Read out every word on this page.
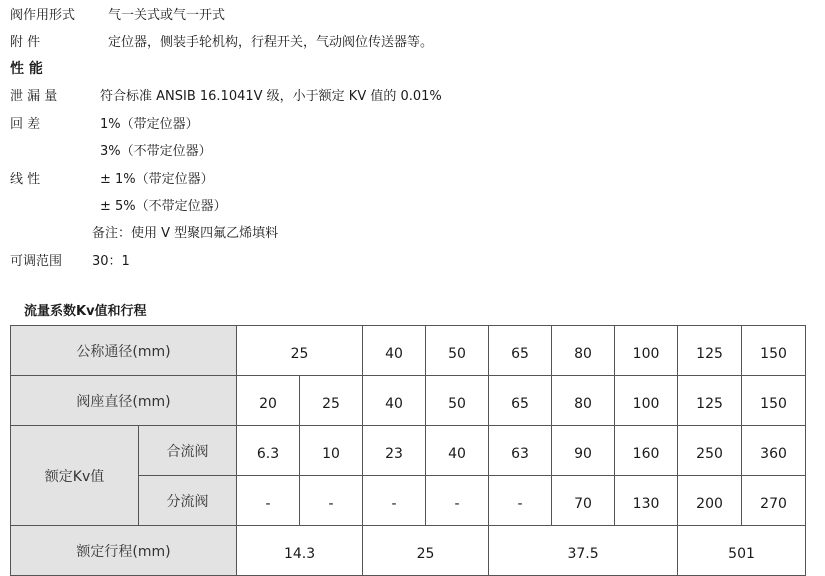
阀作用形式	气一关式或气一开式
附 件	定位器，侧装手轮机构，行程开关，气动阀位传送器等。
性 能
泄 漏 量	符合标准 ANSIB 16.1041V 级，小于额定 KV 值的 0.01%
回 差	1%（带定位器）
3%（不带定位器）
线 性	± 1%（带定位器）
± 5%（不带定位器）
备注：使用 V 型聚四氟乙烯填料
可调范围 30：1
流量系数Kv值和行程
公称通径(mm)		25		40	50	65	80	100	125	150
阀座直径(mm)		20	25	40	50	65	80	100	125	150
额定Kv值	合流阀	6.3	10	23	40	63	90	160	250	360
	分流阀	-	-	-	-	-	70	130	200	270
额定行程(mm)		14.3		25		37.5			501	
